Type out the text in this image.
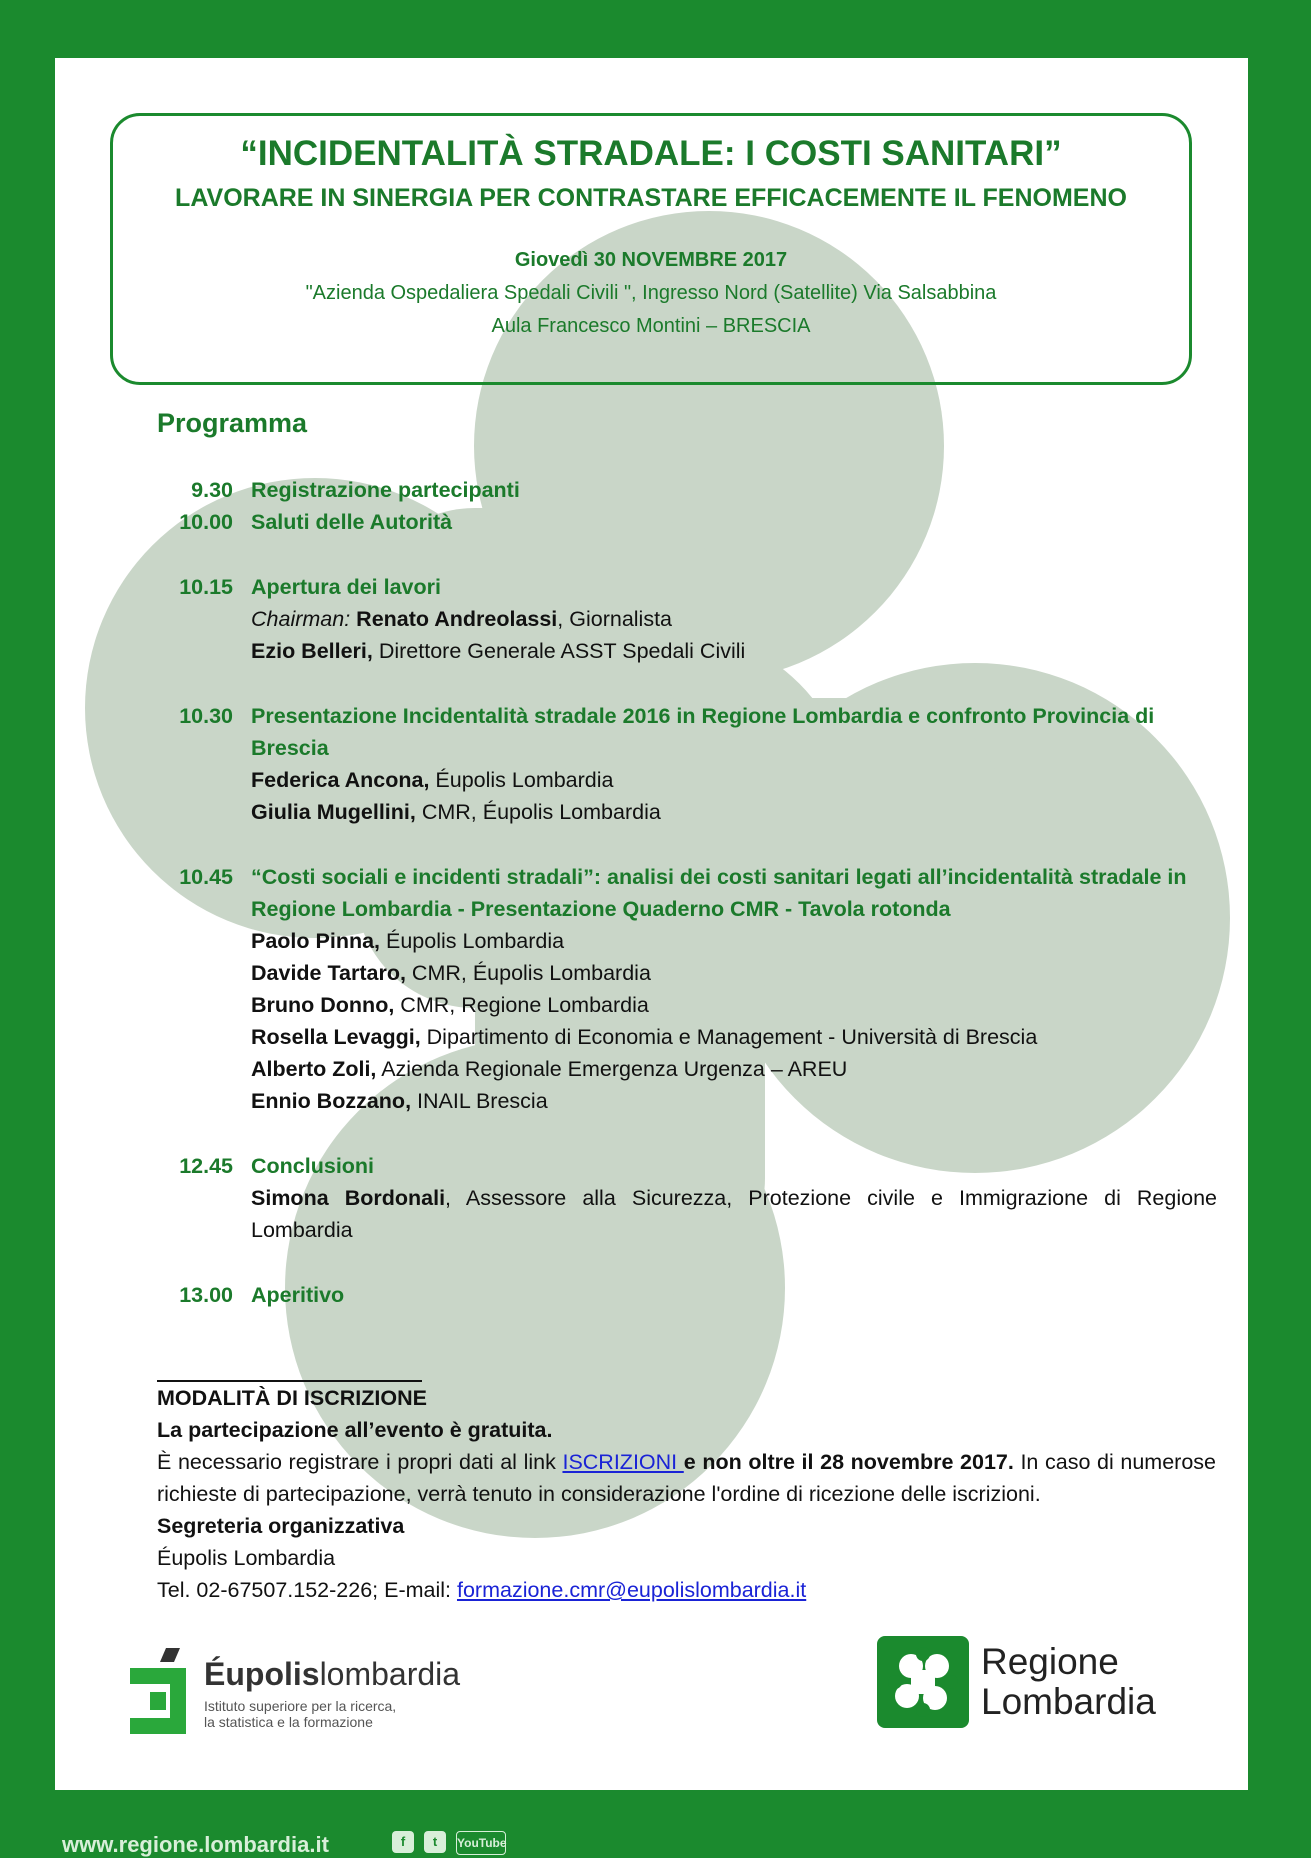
“INCIDENTALITÀ STRADALE: I COSTI SANITARI”
LAVORARE IN SINERGIA PER CONTRASTARE EFFICACEMENTE IL FENOMENO
Giovedì 30 NOVEMBRE 2017
"Azienda Ospedaliera Spedali Civili ", Ingresso Nord (Satellite) Via Salsabbina
Aula Francesco Montini – BRESCIA
Programma
9.30 Registrazione partecipanti
10.00 Saluti delle Autorità
10.15 Apertura dei lavori
Chairman: Renato Andreolassi, Giornalista
Ezio Belleri, Direttore Generale ASST Spedali Civili
10.30 Presentazione Incidentalità stradale 2016 in Regione Lombardia e confronto Provincia di Brescia
Federica Ancona, Éupolis Lombardia
Giulia Mugellini, CMR, Éupolis Lombardia
10.45 “Costi sociali e incidenti stradali”: analisi dei costi sanitari legati all’incidentalità stradale in Regione Lombardia - Presentazione Quaderno CMR - Tavola rotonda
Paolo Pinna, Éupolis Lombardia
Davide Tartaro, CMR, Éupolis Lombardia
Bruno Donno, CMR, Regione Lombardia
Rosella Levaggi, Dipartimento di Economia e Management - Università di Brescia
Alberto Zoli, Azienda Regionale Emergenza Urgenza – AREU
Ennio Bozzano, INAIL Brescia
12.45 Conclusioni
Simona Bordonali, Assessore alla Sicurezza, Protezione civile e Immigrazione di Regione Lombardia
13.00 Aperitivo
MODALITÀ DI ISCRIZIONE
La partecipazione all’evento è gratuita.
È necessario registrare i propri dati al link ISCRIZIONI e non oltre il 28 novembre 2017. In caso di numerose richieste di partecipazione, verrà tenuto in considerazione l'ordine di ricezione delle iscrizioni.
Segreteria organizzativa
Éupolis Lombardia
Tel. 02-67507.152-226; E-mail: formazione.cmr@eupolislombardia.it
Éupolislombardia
Istituto superiore per la ricerca,
la statistica e la formazione
Regione
Lombardia
www.regione.lombardia.it	f	t	YouTube
